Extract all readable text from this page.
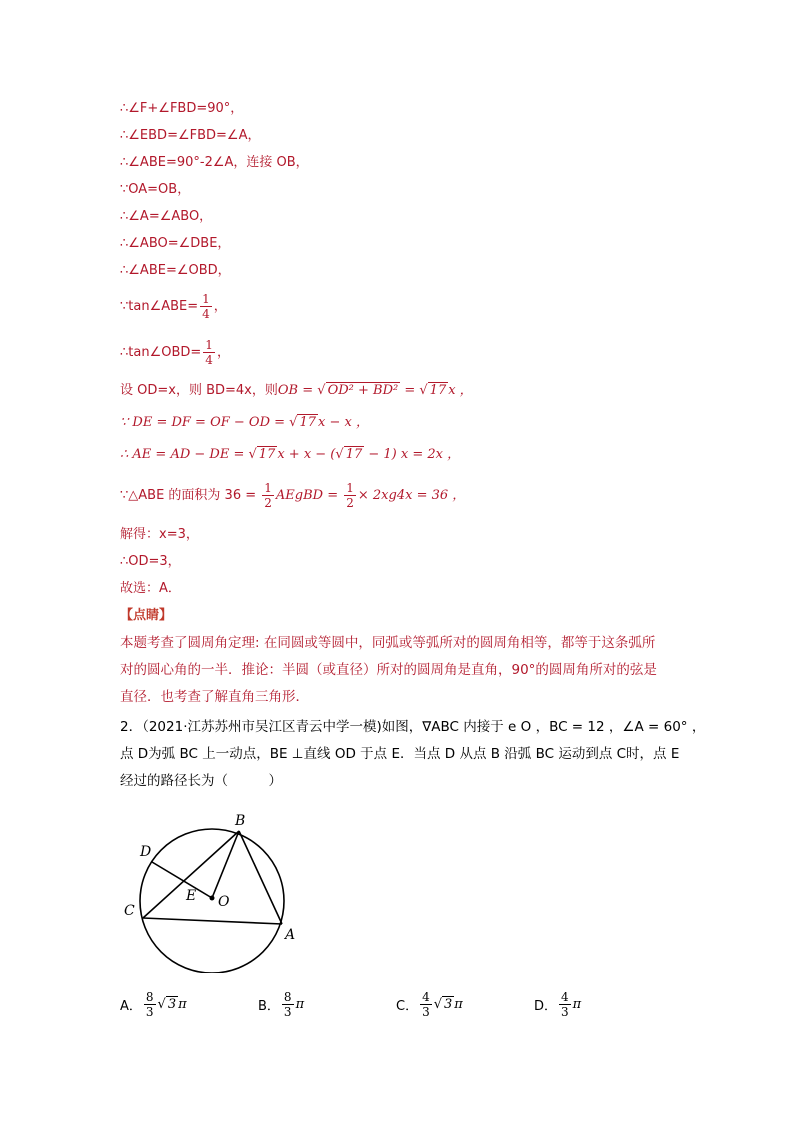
∴∠F+∠FBD=90°，
∴∠EBD=∠FBD=∠A，
∴∠ABE=90°-2∠A，连接 OB，
∵OA=OB，
∴∠A=∠ABO，
∴∠ABO=∠DBE，
∴∠ABE=∠OBD，
∵tan∠ABE= $\frac{1}{4}$ ，
∴tan∠OBD= $\frac{1}{4}$ ，
设 OD=x，则 BD=4x，则OB = √ OD² + BD² = √ 17 x ，
∵ DE = DF = OF − OD = √ 17 x − x ，
∴ AE = AD − DE = √ 17 x + x − (√ 17 − 1) x = 2x ，
∵△ABE 的面积为 $36 = \frac{1}{2}$ AEgBD = $\frac{1}{2} \times 2xg4x = 36$ ，
解得：x=3，
∴OD=3，
故选：A．
【点睛】
本题考查了圆周角定理: 在同圆或等圆中，同弧或等弧所对的圆周角相等，都等于这条弧所
对的圆心角的一半．推论：半圆（或直径）所对的圆周角是直角，90°的圆周角所对的弦是
直径．也考查了解直角三角形．
2．（2021·江苏苏州市吴江区青云中学一模)如图，∇ABC 内接于 e O ，BC = 12 ，∠A = 60° ，
点 D为弧 BC 上一动点，BE ⊥直线 OD 于点 E．当点 D 从点 B 沿弧 BC 运动到点 C时，点 E
经过的路径长为（　　　）
B
D
E O
C
A
A． $\frac{8}{3}$ √ 3 π	B． $\frac{8}{3}$ π	C． $\frac{4}{3}$ √ 3 π	D． $\frac{4}{3}$ π
